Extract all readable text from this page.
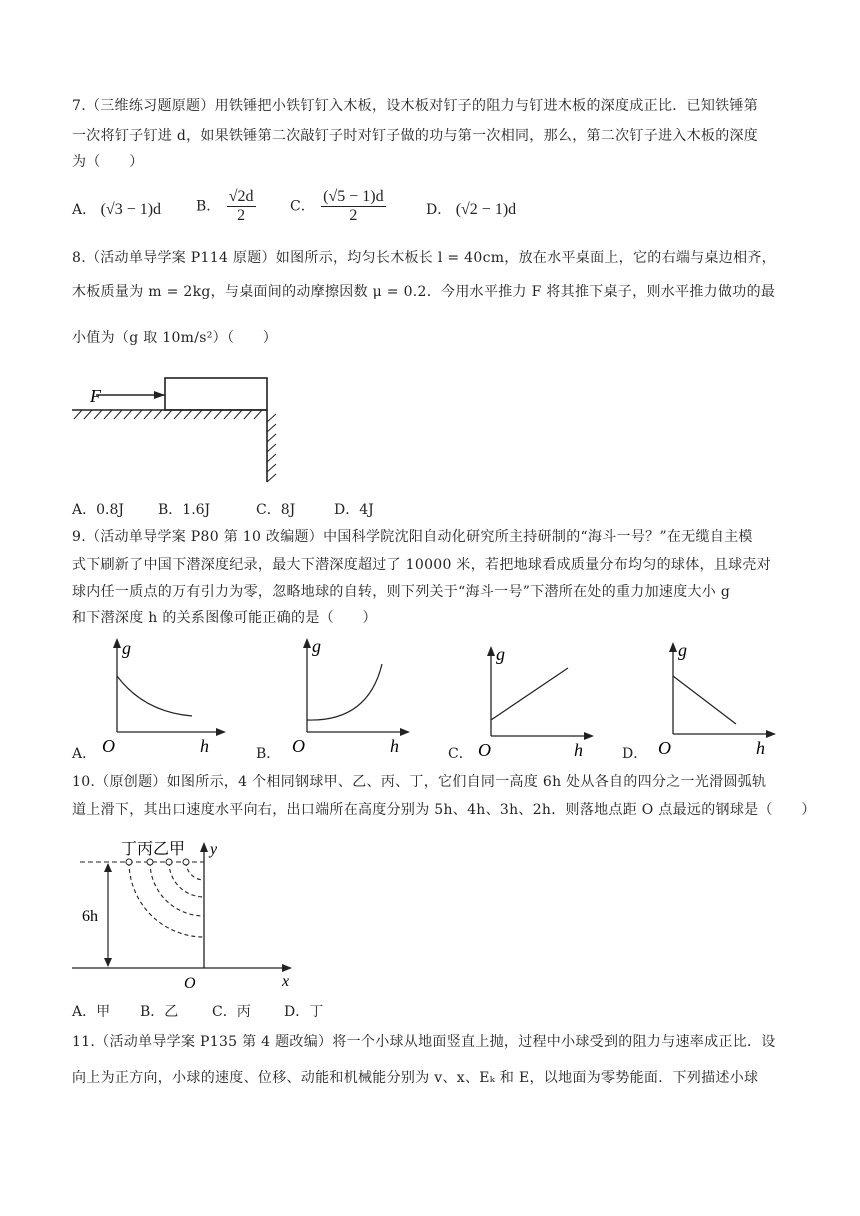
7.（三维练习题原题）用铁锤把小铁钉钉入木板，设木板对钉子的阻力与钉进木板的深度成正比．已知铁锤第
一次将钉子钉进 d，如果铁锤第二次敲钉子时对钉子做的功与第一次相同，那么，第二次钉子进入木板的深度
为（　　）
A． (√3 − 1)d B． $\frac{√2d}{2}$ C． $\frac{(√5 - 1)d}{2}$	D． (√2 − 1)d
8.（活动单导学案 P114 原题）如图所示，均匀长木板长 l = 40cm，放在水平桌面上，它的右端与桌边相齐，
木板质量为 m = 2kg，与桌面间的动摩擦因数 μ = 0.2．今用水平推力 F 将其推下桌子，则水平推力做功的最
小值为（g 取 10m/s²）（　　）
F
A．0.8J B．1.6J	C．8J	D．4J
9.（活动单导学案 P80 第 10 改编题）中国科学院沈阳自动化研究所主持研制的“海斗一号？”在无缆自主模
式下刷新了中国下潜深度纪录，最大下潜深度超过了 10000 米，若把地球看成质量分布均匀的球体，且球壳对
球内任一质点的万有引力为零，忽略地球的自转，则下列关于“海斗一号”下潜所在处的重力加速度大小 g
和下潜深度 h 的关系图像可能正确的是（　　）
A．
g
O	h	B．
g
O	h	C．
g
O	h	D．
g
O	h
10.（原创题）如图所示，4 个相同钢球甲、乙、丙、丁，它们自同一高度 6h 处从各自的四分之一光滑圆弧轨
道上滑下，其出口速度水平向右，出口端所在高度分别为 5h、4h、3h、2h．则落地点距 O 点最远的钢球是（　　）
y
x
O
6h
丁丙乙甲
A．甲 B．乙 C．丙 D．丁
11.（活动单导学案 P135 第 4 题改编）将一个小球从地面竖直上抛，过程中小球受到的阻力与速率成正比．设
向上为正方向，小球的速度、位移、动能和机械能分别为 v、x、Eₖ 和 E，以地面为零势能面．下列描述小球
